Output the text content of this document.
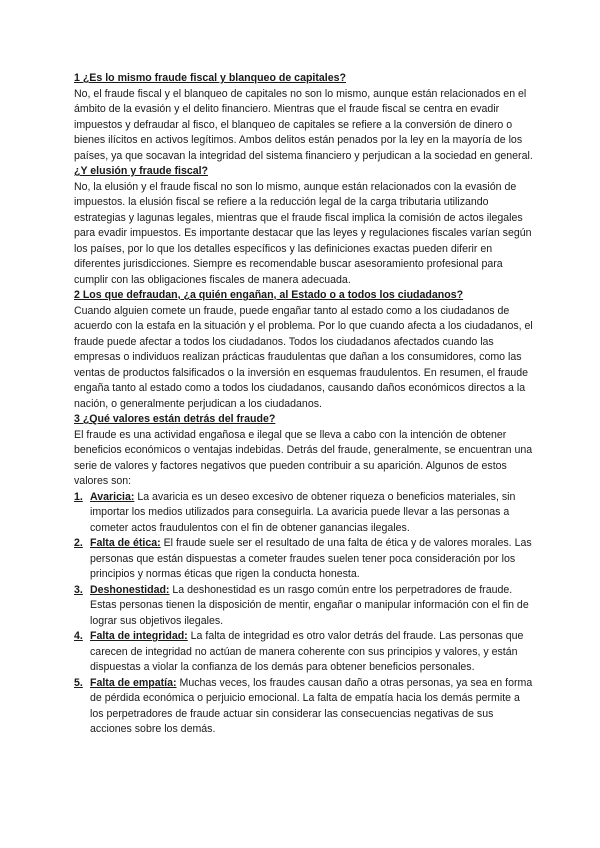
1 ¿Es lo mismo fraude fiscal y blanqueo de capitales?

No, el fraude fiscal y el blanqueo de capitales no son lo mismo, aunque están relacionados en el ámbito de la evasión y el delito financiero. Mientras que el fraude fiscal se centra en evadir impuestos y defraudar al fisco, el blanqueo de capitales se refiere a la conversión de dinero o bienes ilícitos en activos legítimos. Ambos delitos están penados por la ley en la mayoría de los países, ya que socavan la integridad del sistema financiero y perjudican a la sociedad en general.

¿Y elusión y fraude fiscal?

No, la elusión y el fraude fiscal no son lo mismo, aunque están relacionados con la evasión de impuestos. la elusión fiscal se refiere a la reducción legal de la carga tributaria utilizando estrategias y lagunas legales, mientras que el fraude fiscal implica la comisión de actos ilegales para evadir impuestos. Es importante destacar que las leyes y regulaciones fiscales varían según los países, por lo que los detalles específicos y las definiciones exactas pueden diferir en diferentes jurisdicciones. Siempre es recomendable buscar asesoramiento profesional para cumplir con las obligaciones fiscales de manera adecuada.

2 Los que defraudan, ¿a quién engañan, al Estado o a todos los ciudadanos?

Cuando alguien comete un fraude, puede engañar tanto al estado como a los ciudadanos de acuerdo con la estafa en la situación y el problema. Por lo que cuando afecta a los ciudadanos, el fraude puede afectar a todos los ciudadanos. Todos los ciudadanos afectados cuando las empresas o individuos realizan prácticas fraudulentas que dañan a los consumidores, como las ventas de productos falsificados o la inversión en esquemas fraudulentos. En resumen, el fraude engaña tanto al estado como a todos los ciudadanos, causando daños económicos directos a la nación, o generalmente perjudican a los ciudadanos.

3 ¿Qué valores están detrás del fraude?

El fraude es una actividad engañosa e ilegal que se lleva a cabo con la intención de obtener beneficios económicos o ventajas indebidas. Detrás del fraude, generalmente, se encuentran una serie de valores y factores negativos que pueden contribuir a su aparición. Algunos de estos valores son:

1. Avaricia: La avaricia es un deseo excesivo de obtener riqueza o beneficios materiales, sin importar los medios utilizados para conseguirla. La avaricia puede llevar a las personas a cometer actos fraudulentos con el fin de obtener ganancias ilegales.
2. Falta de ética: El fraude suele ser el resultado de una falta de ética y de valores morales. Las personas que están dispuestas a cometer fraudes suelen tener poca consideración por los principios y normas éticas que rigen la conducta honesta.
3. Deshonestidad: La deshonestidad es un rasgo común entre los perpetradores de fraude. Estas personas tienen la disposición de mentir, engañar o manipular información con el fin de lograr sus objetivos ilegales.
4. Falta de integridad: La falta de integridad es otro valor detrás del fraude. Las personas que carecen de integridad no actúan de manera coherente con sus principios y valores, y están dispuestas a violar la confianza de los demás para obtener beneficios personales.
5. Falta de empatía: Muchas veces, los fraudes causan daño a otras personas, ya sea en forma de pérdida económica o perjuicio emocional. La falta de empatía hacia los demás permite a los perpetradores de fraude actuar sin considerar las consecuencias negativas de sus acciones sobre los demás.
